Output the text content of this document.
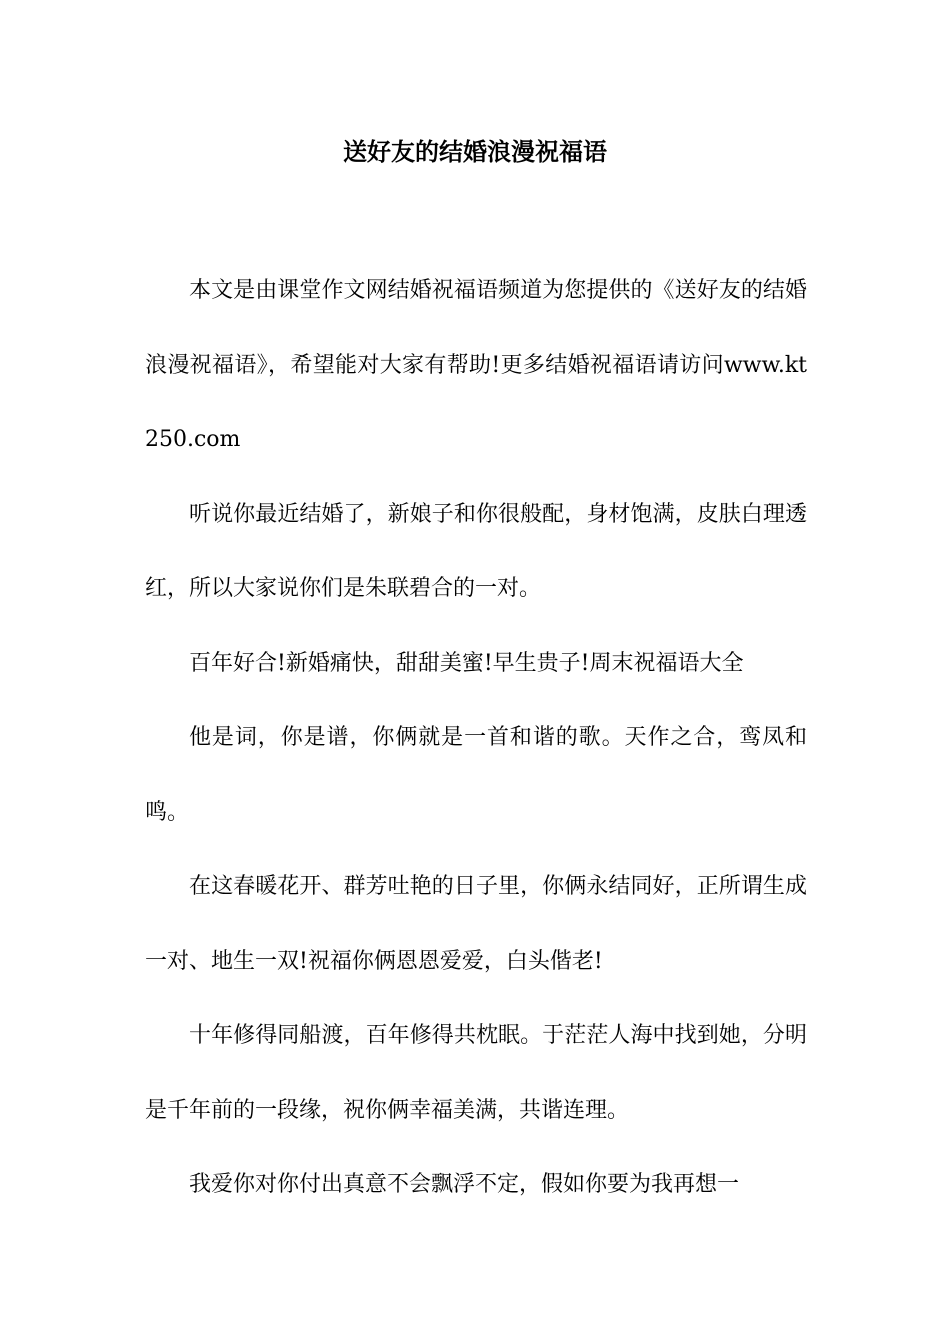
送好友的结婚浪漫祝福语

本文是由课堂作文网结婚祝福语频道为您提供的《送好友的结婚浪漫祝福语》，希望能对大家有帮助!更多结婚祝福语请访问www.kt250.com

听说你最近结婚了，新娘子和你很般配，身材饱满，皮肤白理透红，所以大家说你们是朱联碧合的一对。

百年好合!新婚痛快，甜甜美蜜!早生贵子!周末祝福语大全

他是词，你是谱，你俩就是一首和谐的歌。天作之合，鸾凤和鸣。

在这春暖花开、群芳吐艳的日子里，你俩永结同好，正所谓生成一对、地生一双!祝福你俩恩恩爱爱，白头偕老!

十年修得同船渡，百年修得共枕眠。于茫茫人海中找到她，分明是千年前的一段缘，祝你俩幸福美满，共谐连理。

我爱你对你付出真意不会飘浮不定，假如你要为我再想一
